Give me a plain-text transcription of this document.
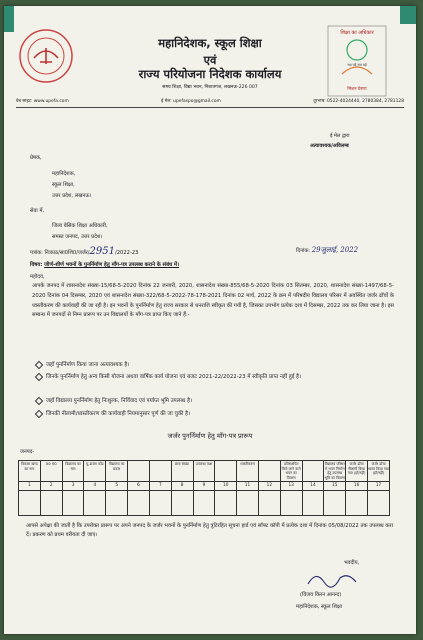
शिक्षा का अधिकार
सब पढ़ें सब बढ़ें
मिशन प्रेरणा
महानिदेशक, स्कूल शिक्षा
एवं
राज्य परियोजना निदेशक कार्यालय
समग्र शिक्षा, विद्या भवन, निशातगंज, लखनऊ-226 007
वेब साइट: www.upefa.com	ई मेल: upefaspo@gmail.com	दूरभाष: 0522-4024440, 2780384, 2781128
ई मेल द्वारा
अत्यावश्यक/अविलम्ब
प्रेषक,
महानिदेशक,
स्कूल शिक्षा,
उत्तर प्रदेश, लखनऊ।
सेवा में,
जिला बेसिक शिक्षा अधिकारी,
समस्त जनपद, उत्तर प्रदेश।
पत्रांक: निःकाठ/सा0शि0/जर्जर/2951/2022-23	दिनांक: 29जुलाई, 2022
विषय: जीर्ण-शीर्ण भवनों के पुनर्निर्माण हेतु माँग-पत्र उपलब्ध कराने के संबंध में।
महोदय,
आपके जनपद में शासनादेश संख्या-15/68-5-2020 दिनांक 22 जनवरी, 2020, शासनादेश संख्या-855/68-5-2020 दिनांक 03 सितम्बर, 2020, शासनादेश संख्या-1497/68-5-2020 दिनांक 04 दिसम्बर, 2020 एवं शासनादेश संख्या-322/68-5-2022-78-178-2021 दिनांक 02 मार्च, 2022 के क्रम में परिषदीय विद्यालय परिसर में अवस्थित जर्जर ढाँचों के ध्वस्तीकरण की कार्यवाही की जा रही है। इन भवनों के पुनर्निर्माण हेतु राज्य सरकार से धनराशि स्वीकृत की गयी है, जिसका उपभोग प्रत्येक दशा में दिसम्बर, 2022 तक कर लिया जाना है। इस सम्बन्ध में जनपदों से निम्न प्रारूप पर उन विद्यालयों के माँग-पत्र प्राप्त किए जाने हैं:-
जहाँ पुनर्निर्माण किया जाना अत्यावश्यक है।
जिनके पुनर्निर्माण हेतु अन्य किसी योजना अथवा वार्षिक कार्य योजना एवं बजट 2021-22/2022-23 में स्वीकृति प्राप्त नहीं हुई है।
जहाँ विद्यालय पुनर्निर्माण हेतु निःशुल्क, निर्विवाद एवं पर्याप्त भूमि उपलब्ध है।
जिनकी नीलामी/ध्वस्तीकरण की कार्यवाही नियमानुसार पूर्ण की जा चुकी है।
जर्जर पुनर्निर्माण हेतु माँग-पत्र प्रारूप
जनपद-
विकास खण्ड का नाम	क्र0 सं0	विद्यालय का नाम	यू-डायस कोड	विद्यालय का प्रकार			छात्र संख्या	उपलब्ध कक्ष		ध्वस्तीकरण		प्रतिस्थापित किये जाने वाले भवन का विवरण		विद्यालय परिसर में भवन निर्माण हेतु उपलब्ध भूमि का विवरण	जर्जर ढाँचा नीलामी किया गया (हाँ/नहीं)	जर्जर ढाँचा ध्वस्त किया गया (हाँ/नहीं)
1	2	3	4	5	6	7	8	9	10	11	12	13	14	15	16	17

आपसे अपेक्षा की जाती है कि उपरोक्त प्रारूप पर अपने जनपद के जर्जर भवनों के पुनर्निर्माण हेतु त्रुटिरहित सूचना हार्ड एवं सॉफ्ट कॉपी में प्रत्येक दशा में दिनांक 05/08/2022 तक उपलब्ध करा दें। प्रकरण को प्रथम वरीयता दी जाए।
भवदीय,
(विजय किरन आनन्द)
महानिदेशक, स्कूल शिक्षा
